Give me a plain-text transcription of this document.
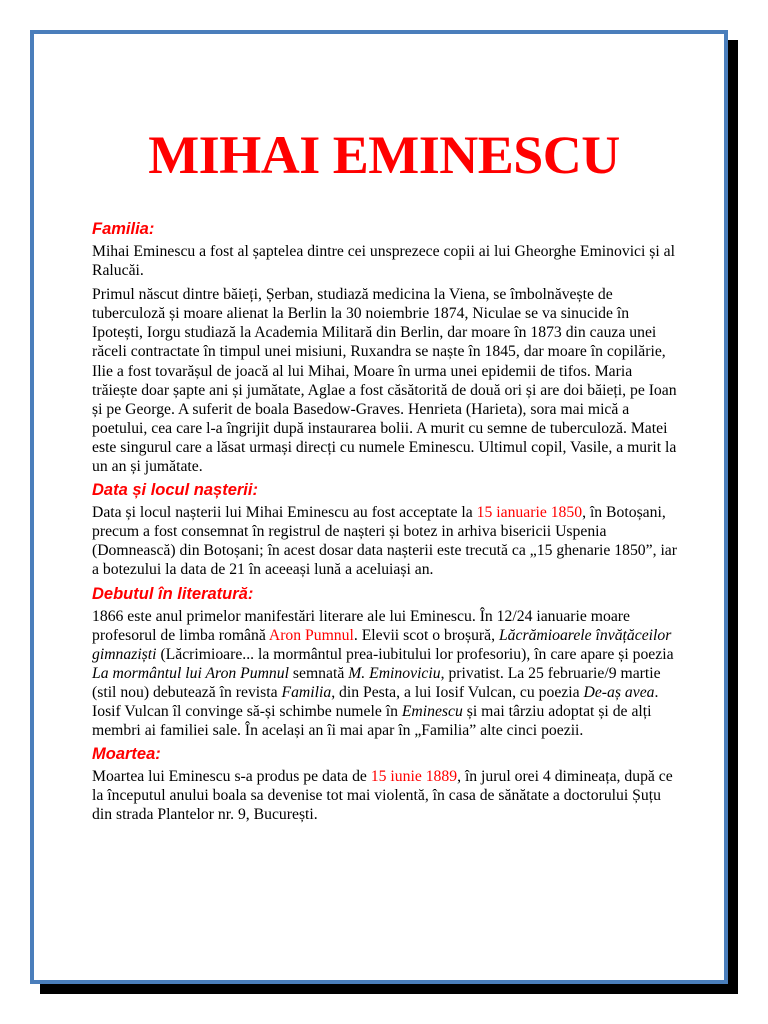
MIHAI EMINESCU
Familia:

Mihai Eminescu a fost al șaptelea dintre cei unsprezece copii ai lui Gheorghe Eminovici și al Ralucăi.

Primul născut dintre băieți, Șerban, studiază medicina la Viena, se îmbolnăvește de tuberculoză și moare alienat la Berlin la 30 noiembrie 1874, Niculae se va sinucide în Ipotești, Iorgu studiază la Academia Militară din Berlin, dar moare în 1873 din cauza unei răceli contractate în timpul unei misiuni, Ruxandra se naște în 1845, dar moare în copilărie, Ilie a fost tovarășul de joacă al lui Mihai, Moare în urma unei epidemii de tifos. Maria trăiește doar șapte ani și jumătate, Aglae a fost căsătorită de două ori și are doi băieți, pe Ioan și pe George. A suferit de boala Basedow-Graves. Henrieta (Harieta), sora mai mică a poetului, cea care l-a îngrijit după instaurarea bolii. A murit cu semne de tuberculoză. Matei este singurul care a lăsat urmași direcți cu numele Eminescu. Ultimul copil, Vasile, a murit la un an și jumătate.

Data și locul nașterii:

Data și locul nașterii lui Mihai Eminescu au fost acceptate la 15 ianuarie 1850, în Botoșani, precum a fost consemnat în registrul de nașteri și botez in arhiva bisericii Uspenia (Domnească) din Botoșani; în acest dosar data nașterii este trecută ca „15 ghenarie 1850”, iar a botezului la data de 21 în aceeași lună a aceluiași an.

Debutul în literatură:

1866 este anul primelor manifestări literare ale lui Eminescu. În 12/24 ianuarie moare profesorul de limba română Aron Pumnul. Elevii scot o broșură, Lăcrămioarele învățăceilor gimnaziști (Lăcrimioare... la mormântul prea-iubitului lor profesoriu), în care apare și poezia La mormântul lui Aron Pumnul semnată M. Eminoviciu, privatist. La 25 februarie/9 martie (stil nou) debutează în revista Familia, din Pesta, a lui Iosif Vulcan, cu poezia De-aș avea. Iosif Vulcan îl convinge să-și schimbe numele în Eminescu și mai târziu adoptat și de alți membri ai familiei sale. În același an îi mai apar în „Familia” alte cinci poezii.

Moartea:

Moartea lui Eminescu s-a produs pe data de 15 iunie 1889, în jurul orei 4 dimineața, după ce la începutul anului boala sa devenise tot mai violentă, în casa de sănătate a doctorului Șuțu din strada Plantelor nr. 9, București.
